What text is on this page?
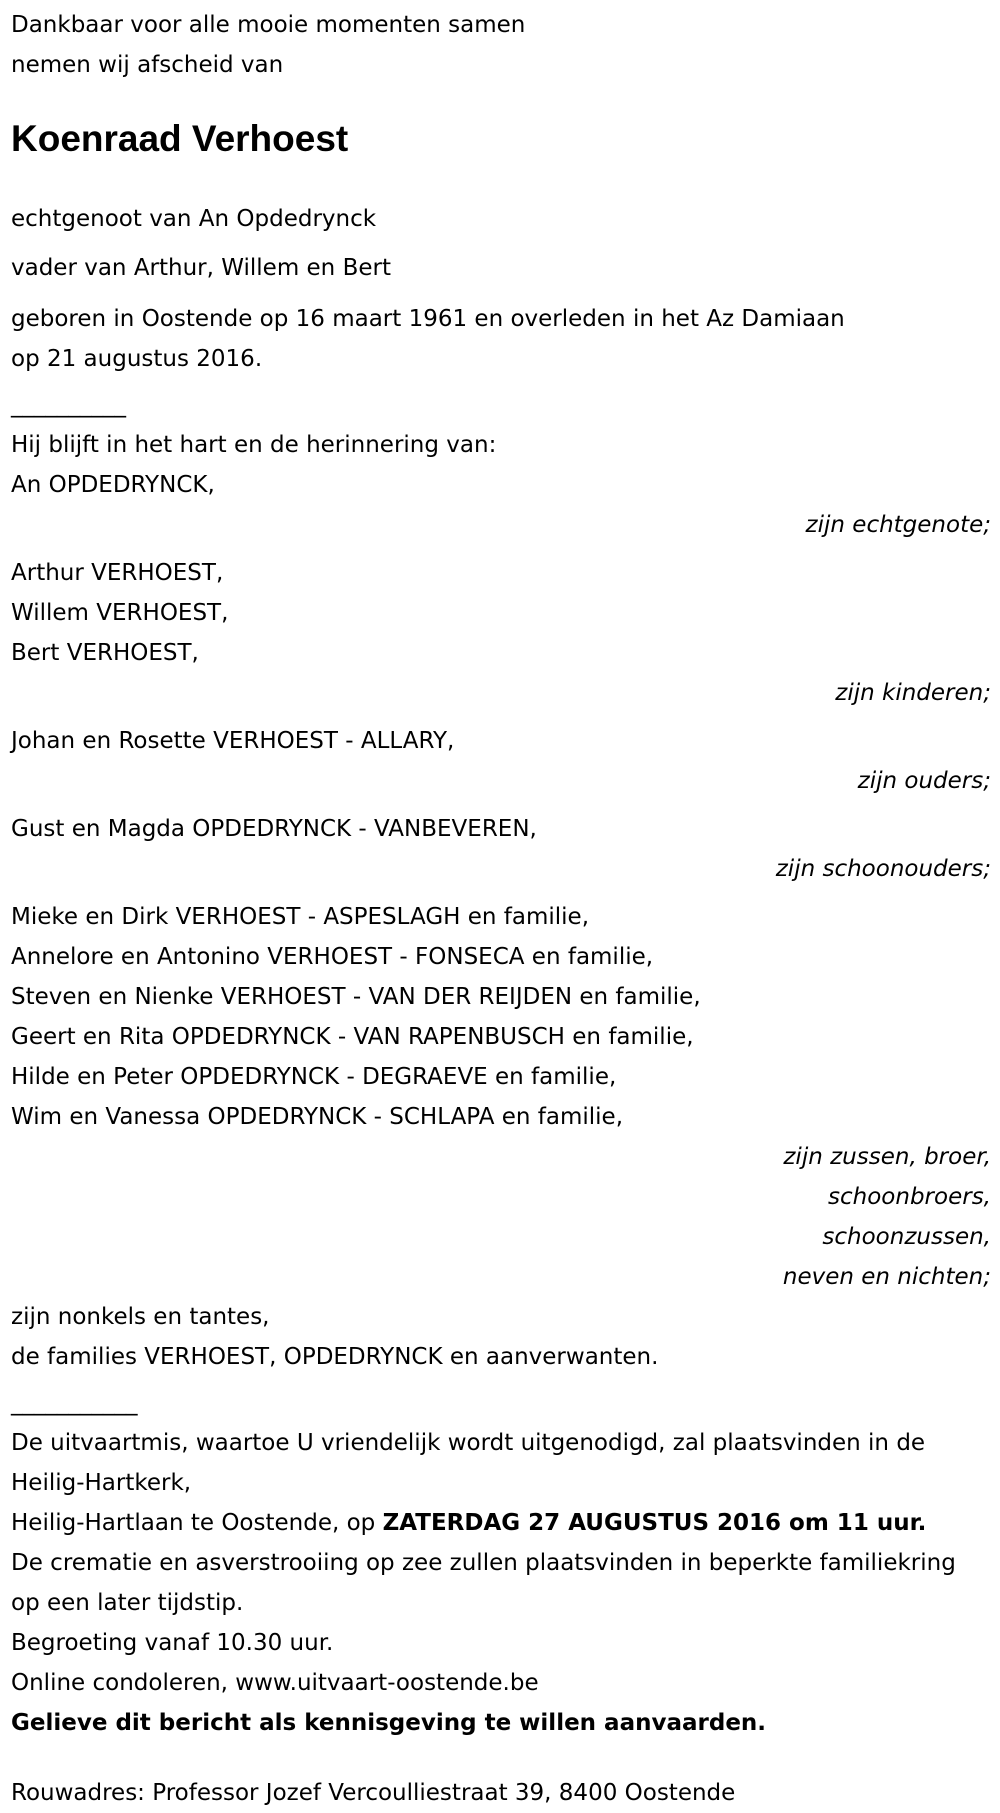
Dankbaar voor alle mooie momenten samen
nemen wij afscheid van
Koenraad Verhoest
echtgenoot van An Opdedrynck
vader van Arthur, Willem en Bert
geboren in Oostende op 16 maart 1961 en overleden in het Az Damiaan op 21 augustus 2016.
__________
Hij blijft in het hart en de herinnering van:
An OPDEDRYNCK,
zijn echtgenote;
Arthur VERHOEST,
Willem VERHOEST,
Bert VERHOEST,
zijn kinderen;
Johan en Rosette VERHOEST - ALLARY,
zijn ouders;
Gust en Magda OPDEDRYNCK - VANBEVEREN,
zijn schoonouders;
Mieke en Dirk VERHOEST - ASPESLAGH en familie,
Annelore en Antonino VERHOEST - FONSECA en familie,
Steven en Nienke VERHOEST - VAN DER REIJDEN en familie,
Geert en Rita OPDEDRYNCK - VAN RAPENBUSCH en familie,
Hilde en Peter OPDEDRYNCK - DEGRAEVE en familie,
Wim en Vanessa OPDEDRYNCK - SCHLAPA en familie,
zijn zussen, broer,
schoonbroers,
schoonzussen,
neven en nichten;
zijn nonkels en tantes,
de families VERHOEST, OPDEDRYNCK en aanverwanten.
___________
De uitvaartmis, waartoe U vriendelijk wordt uitgenodigd, zal plaatsvinden in de Heilig-Hartkerk,
Heilig-Hartlaan te Oostende, op ZATERDAG 27 AUGUSTUS 2016 om 11 uur.
De crematie en asverstrooiing op zee zullen plaatsvinden in beperkte familiekring op een later tijdstip.
Begroeting vanaf 10.30 uur.
Online condoleren, www.uitvaart-oostende.be
Gelieve dit bericht als kennisgeving te willen aanvaarden.
Rouwadres: Professor Jozef Vercoulliestraat 39, 8400 Oostende
